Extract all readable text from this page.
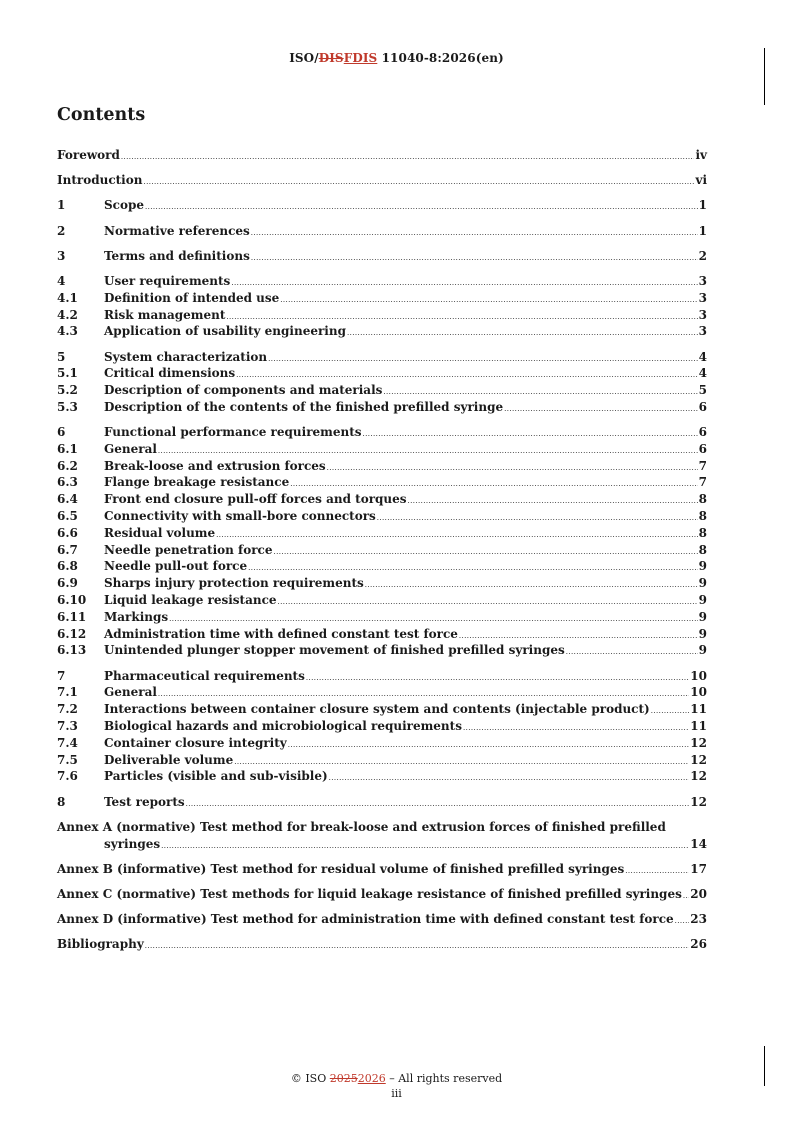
ISO/DISFDIS 11040-8:2026(en)
Contents
Foreword .....	iv
Introduction .....	vi
1	Scope .....	1
2	Normative references .....	1
3	Terms and definitions .....	2
4	User requirements .....	3
4.1	Definition of intended use .....	3
4.2	Risk management .....	3
4.3	Application of usability engineering .....	3
5	System characterization .....	4
5.1	Critical dimensions .....	4
5.2	Description of components and materials .....	5
5.3	Description of the contents of the finished prefilled syringe .....	6
6	Functional performance requirements .....	6
6.1	General .....	6
6.2	Break-loose and extrusion forces .....	7
6.3	Flange breakage resistance .....	7
6.4	Front end closure pull-off forces and torques .....	8
6.5	Connectivity with small-bore connectors .....	8
6.6	Residual volume .....	8
6.7	Needle penetration force .....	8
6.8	Needle pull-out force .....	9
6.9	Sharps injury protection requirements .....	9
6.10	Liquid leakage resistance .....	9
6.11	Markings .....	9
6.12	Administration time with defined constant test force .....	9
6.13	Unintended plunger stopper movement of finished prefilled syringes .....	9
7	Pharmaceutical requirements .....	10
7.1	General .....	10
7.2	Interactions between container closure system and contents (injectable product) .....	11
7.3	Biological hazards and microbiological requirements .....	11
7.4	Container closure integrity .....	12
7.5	Deliverable volume .....	12
7.6	Particles (visible and sub-visible) .....	12
8	Test reports .....	12
Annex A (normative) Test method for break-loose and extrusion forces of finished prefilled
syringes .....	14
Annex B (informative) Test method for residual volume of finished prefilled syringes .....	17
Annex C (normative) Test methods for liquid leakage resistance of finished prefilled syringes ..... 20
Annex D (informative) Test method for administration time with defined constant test force ..... 23
Bibliography .....	26
© ISO 20252026 – All rights reserved
iii
